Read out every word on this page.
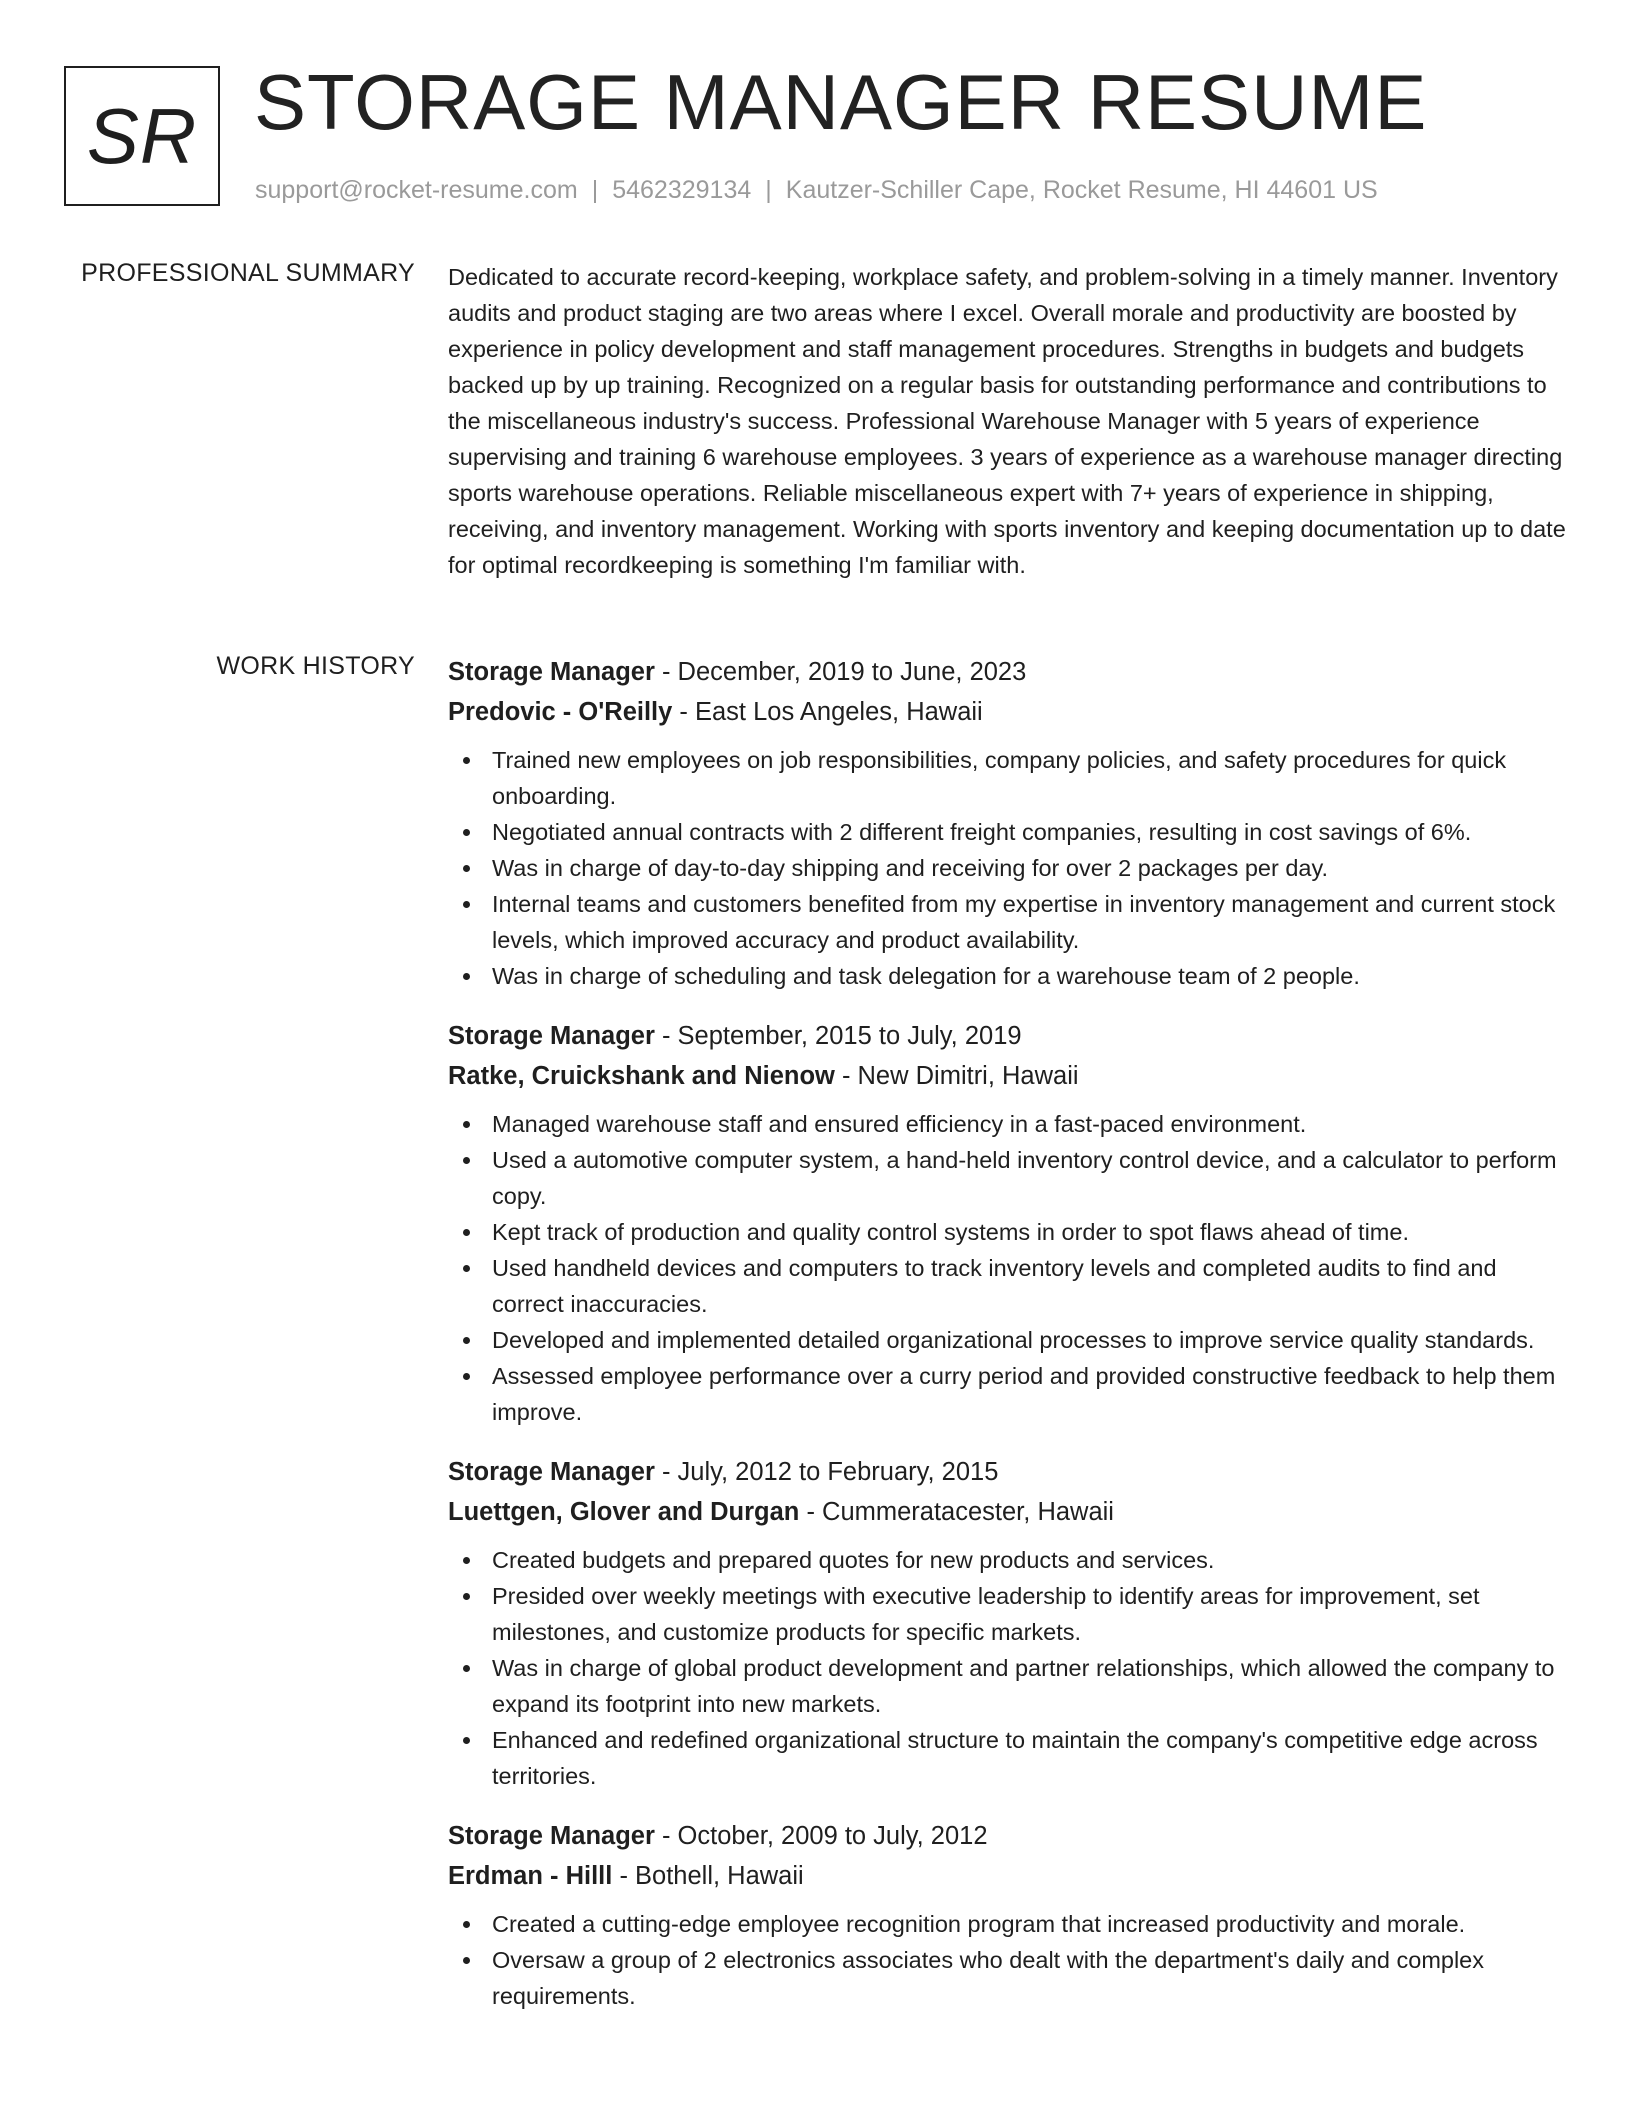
SR STORAGE MANAGER RESUME
support@rocket-resume.com | 5462329134 | Kautzer-Schiller Cape, Rocket Resume, HI 44601 US
PROFESSIONAL SUMMARY Dedicated to accurate record-keeping, workplace safety, and problem-solving in a timely manner. Inventory audits and product staging are two areas where I excel. Overall morale and productivity are boosted by experience in policy development and staff management procedures. Strengths in budgets and budgets backed up by up training. Recognized on a regular basis for outstanding performance and contributions to the miscellaneous industry's success. Professional Warehouse Manager with 5 years of experience supervising and training 6 warehouse employees. 3 years of experience as a warehouse manager directing sports warehouse operations. Reliable miscellaneous expert with 7+ years of experience in shipping, receiving, and inventory management. Working with sports inventory and keeping documentation up to date for optimal recordkeeping is something I'm familiar with.
WORK HISTORY Storage Manager - December, 2019 to June, 2023
Predovic - O'Reilly - East Los Angeles, Hawaii
Trained new employees on job responsibilities, company policies, and safety procedures for quick onboarding.
Negotiated annual contracts with 2 different freight companies, resulting in cost savings of 6%.
Was in charge of day-to-day shipping and receiving for over 2 packages per day.
Internal teams and customers benefited from my expertise in inventory management and current stock levels, which improved accuracy and product availability.
Was in charge of scheduling and task delegation for a warehouse team of 2 people.
Storage Manager - September, 2015 to July, 2019
Ratke, Cruickshank and Nienow - New Dimitri, Hawaii
Managed warehouse staff and ensured efficiency in a fast-paced environment.
Used a automotive computer system, a hand-held inventory control device, and a calculator to perform copy.
Kept track of production and quality control systems in order to spot flaws ahead of time.
Used handheld devices and computers to track inventory levels and completed audits to find and correct inaccuracies.
Developed and implemented detailed organizational processes to improve service quality standards.
Assessed employee performance over a curry period and provided constructive feedback to help them improve.
Storage Manager - July, 2012 to February, 2015
Luettgen, Glover and Durgan - Cummeratacester, Hawaii
Created budgets and prepared quotes for new products and services.
Presided over weekly meetings with executive leadership to identify areas for improvement, set milestones, and customize products for specific markets.
Was in charge of global product development and partner relationships, which allowed the company to expand its footprint into new markets.
Enhanced and redefined organizational structure to maintain the company's competitive edge across territories.
Storage Manager - October, 2009 to July, 2012
Erdman - Hilll - Bothell, Hawaii
Created a cutting-edge employee recognition program that increased productivity and morale.
Oversaw a group of 2 electronics associates who dealt with the department's daily and complex requirements.
